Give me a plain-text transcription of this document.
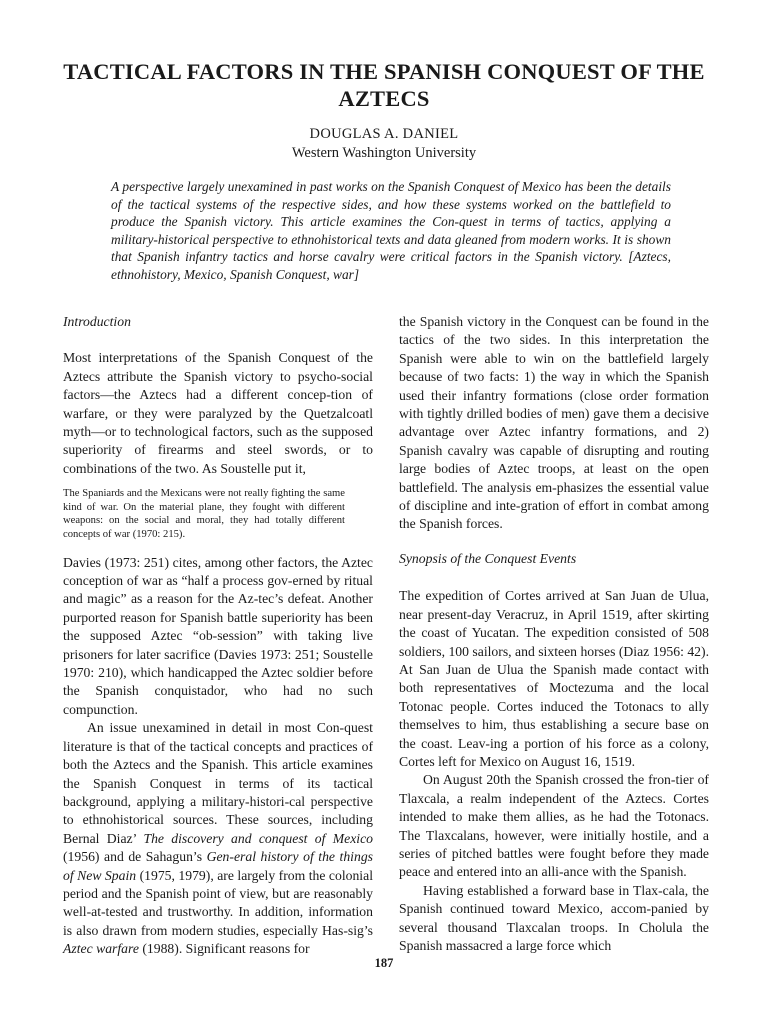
TACTICAL FACTORS IN THE SPANISH CONQUEST OF THE AZTECS
DOUGLAS A. DANIEL
Western Washington University
A perspective largely unexamined in past works on the Spanish Conquest of Mexico has been the details of the tactical systems of the respective sides, and how these systems worked on the battlefield to produce the Spanish victory. This article examines the Con-quest in terms of tactics, applying a military-historical perspective to ethnohistorical texts and data gleaned from modern works. It is shown that Spanish infantry tactics and horse cavalry were critical factors in the Spanish victory. [Aztecs, ethnohistory, Mexico, Spanish Conquest, war]

Introduction

Most interpretations of the Spanish Conquest of the Aztecs attribute the Spanish victory to psycho-social factors—the Aztecs had a different concep-tion of warfare, or they were paralyzed by the Quetzalcoatl myth—or to technological factors, such as the supposed superiority of firearms and steel swords, or to combinations of the two. As Soustelle put it,

The Spaniards and the Mexicans were not really fighting the same kind of war. On the material plane, they fought with different weapons: on the social and moral, they had totally different concepts of war (1970: 215).

Davies (1973: 251) cites, among other factors, the Aztec conception of war as “half a process gov-erned by ritual and magic” as a reason for the Az-tec’s defeat. Another purported reason for Spanish battle superiority has been the supposed Aztec “ob-session” with taking live prisoners for later sacrifice (Davies 1973: 251; Soustelle 1970: 210), which handicapped the Aztec soldier before the Spanish conquistador, who had no such compunction.

An issue unexamined in detail in most Con-quest literature is that of the tactical concepts and practices of both the Aztecs and the Spanish. This article examines the Spanish Conquest in terms of its tactical background, applying a military-histori-cal perspective to ethnohistorical sources. These sources, including Bernal Diaz’ The discovery and conquest of Mexico (1956) and de Sahagun’s Gen-eral history of the things of New Spain (1975, 1979), are largely from the colonial period and the Spanish point of view, but are reasonably well-at-tested and trustworthy. In addition, information is also drawn from modern studies, especially Has-sig’s Aztec warfare (1988). Significant reasons for

the Spanish victory in the Conquest can be found in the tactics of the two sides. In this interpretation the Spanish were able to win on the battlefield largely because of two facts: 1) the way in which the Spanish used their infantry formations (close order formation with tightly drilled bodies of men) gave them a decisive advantage over Aztec infantry formations, and 2) Spanish cavalry was capable of disrupting and routing large bodies of Aztec troops, at least on the open battlefield. The analysis em-phasizes the essential value of discipline and inte-gration of effort in combat among the Spanish forces.

Synopsis of the Conquest Events

The expedition of Cortes arrived at San Juan de Ulua, near present-day Veracruz, in April 1519, after skirting the coast of Yucatan. The expedition consisted of 508 soldiers, 100 sailors, and sixteen horses (Diaz 1956: 42). At San Juan de Ulua the Spanish made contact with both representatives of Moctezuma and the local Totonac people. Cortes induced the Totonacs to ally themselves to him, thus establishing a secure base on the coast. Leav-ing a portion of his force as a colony, Cortes left for Mexico on August 16, 1519.

On August 20th the Spanish crossed the fron-tier of Tlaxcala, a realm independent of the Aztecs. Cortes intended to make them allies, as he had the Totonacs. The Tlaxcalans, however, were initially hostile, and a series of pitched battles were fought before they made peace and entered into an alli-ance with the Spanish.

Having established a forward base in Tlax-cala, the Spanish continued toward Mexico, accom-panied by several thousand Tlaxcalan troops. In Cholula the Spanish massacred a large force which

187
